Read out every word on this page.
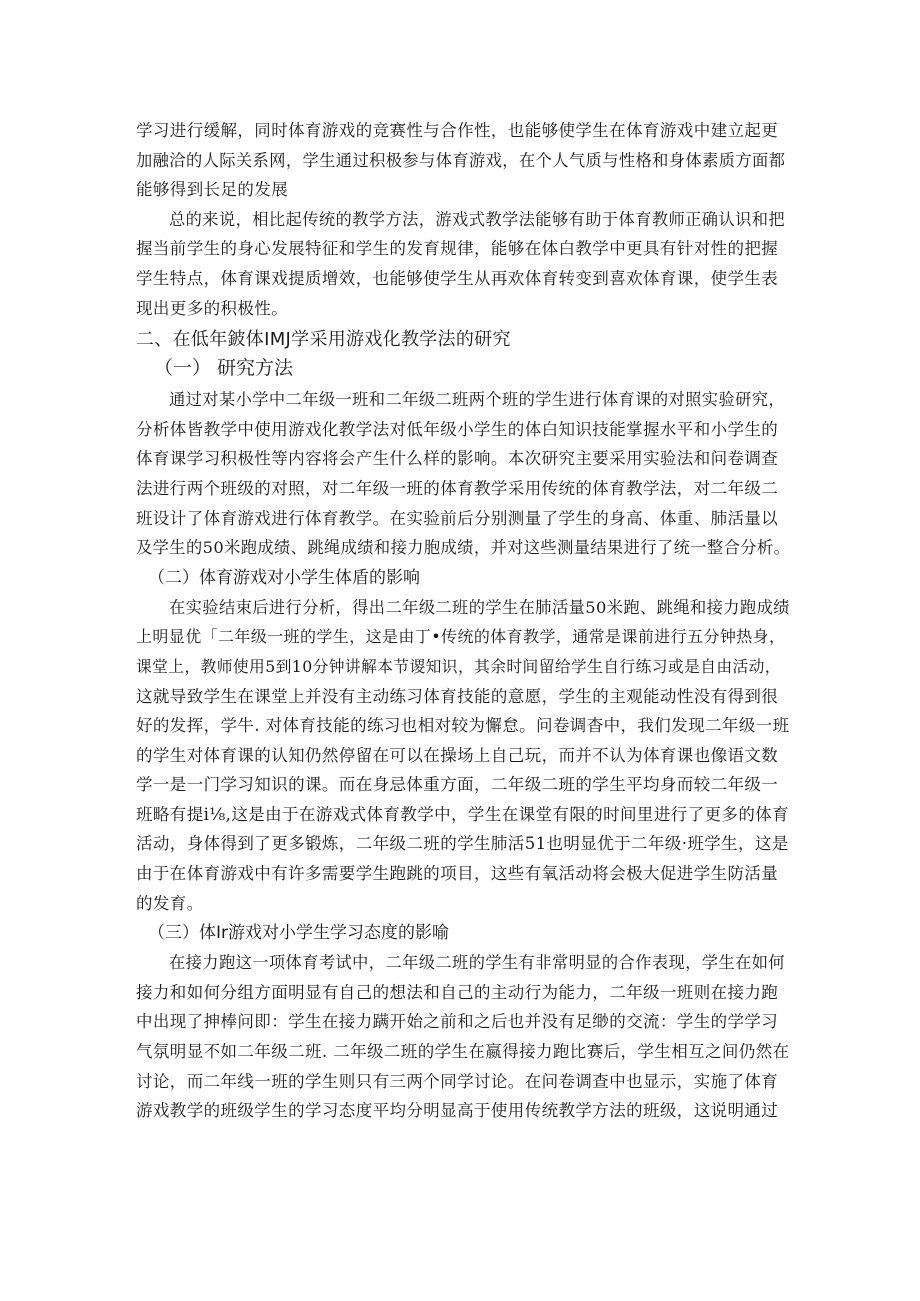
学习进行缓解，同时体育游戏的竞赛性与合作性，也能够使学生在体育游戏中建立起更
加融洽的人际关系网，学生通过积极参与体育游戏，在个人气质与性格和身体素质方面都
能够得到长足的发展

总的来说，相比起传统的教学方法，游戏式教学法能够有助于体育教师正确认识和把
握当前学生的身心发展特征和学生的发育规律，能够在体白教学中更具有针对性的把握
学生特点，体育课戏提质增效，也能够使学生从再欢体育转变到喜欢体育课，使学生表
现出更多的积极性。

二、在低年鈹体IMJ学采用游戏化教学法的研究
（一） 研究方法

通过对某小学中二年级一班和二年级二班两个班的学生进行体育课的对照实验研究，
分析体皆教学中使用游戏化教学法对低年级小学生的体白知识技能掌握水平和小学生的
体育课学习积极性等内容将会产生什么样的影响。本次研究主要采用实验法和问卷调查
法进行两个班级的对照，对二年级一班的体育教学采用传统的体育教学法，对二年级二
班设计了体育游戏进行体育教学。在实验前后分别测量了学生的身高、体重、肺活量以
及学生的50米跑成绩、跳绳成绩和接力胞成绩，并对这些测量结果进行了统一整合分析。

（二）体育游戏对小学生体盾的影响

在实验结束后进行分析，得出二年级二班的学生在肺活量50米跑、跳绳和接力跑成绩
上明显优「二年级一班的学生，这是由丁•传统的体育教学，通常是课前进行五分钟热身，
课堂上，教师使用5到10分钟讲解本节谡知识，其余时间留给学生自行练习或是自由活动，
这就导致学生在课堂上并没有主动练习体育技能的意愿，学生的主观能动性没有得到很
好的发挥，学牛. 对体育技能的练习也相对较为懈怠。问卷调杳中，我们发现二年级一班
的学生对体育课的认知仍然停留在可以在操场上自己玩，而并不认为体育课也像语文数
学一是一门学习知识的课。而在身忌体重方面，二年级二班的学生平均身而较二年级一
班略有提i⅛,这是由于在游戏式体育教学中，学生在课堂有限的时间里进行了更多的体育
活动，身体得到了更多锻炼，二年级二班的学生肺活51也明显优于二年级·班学生，这是
由于在体育游戏中有许多需要学生跑跳的项目，这些有氧活动将会极大促进学生防活量
的发育。

（三）体Ir游戏对小学生学习态度的影喻

在接力跑这一项体育考试中，二年级二班的学生有非常明显的合作表现，学生在如何
接力和如何分组方面明显有自己的想法和自己的主动行为能力，二年级一班则在接力跑
中出现了抻棒问即：学生在接力蹒开始之前和之后也并没有足缈的交流：学生的学学习
气氛明显不如二年级二班. 二年级二班的学生在嬴得接力跑比赛后，学生相互之间仍然在
讨论，而二年线一班的学生则只有三两个同学讨论。在问卷调查中也显示，实施了体育
游戏教学的班级学生的学习态度平均分明显高于使用传统教学方法的班级，这说明通过
